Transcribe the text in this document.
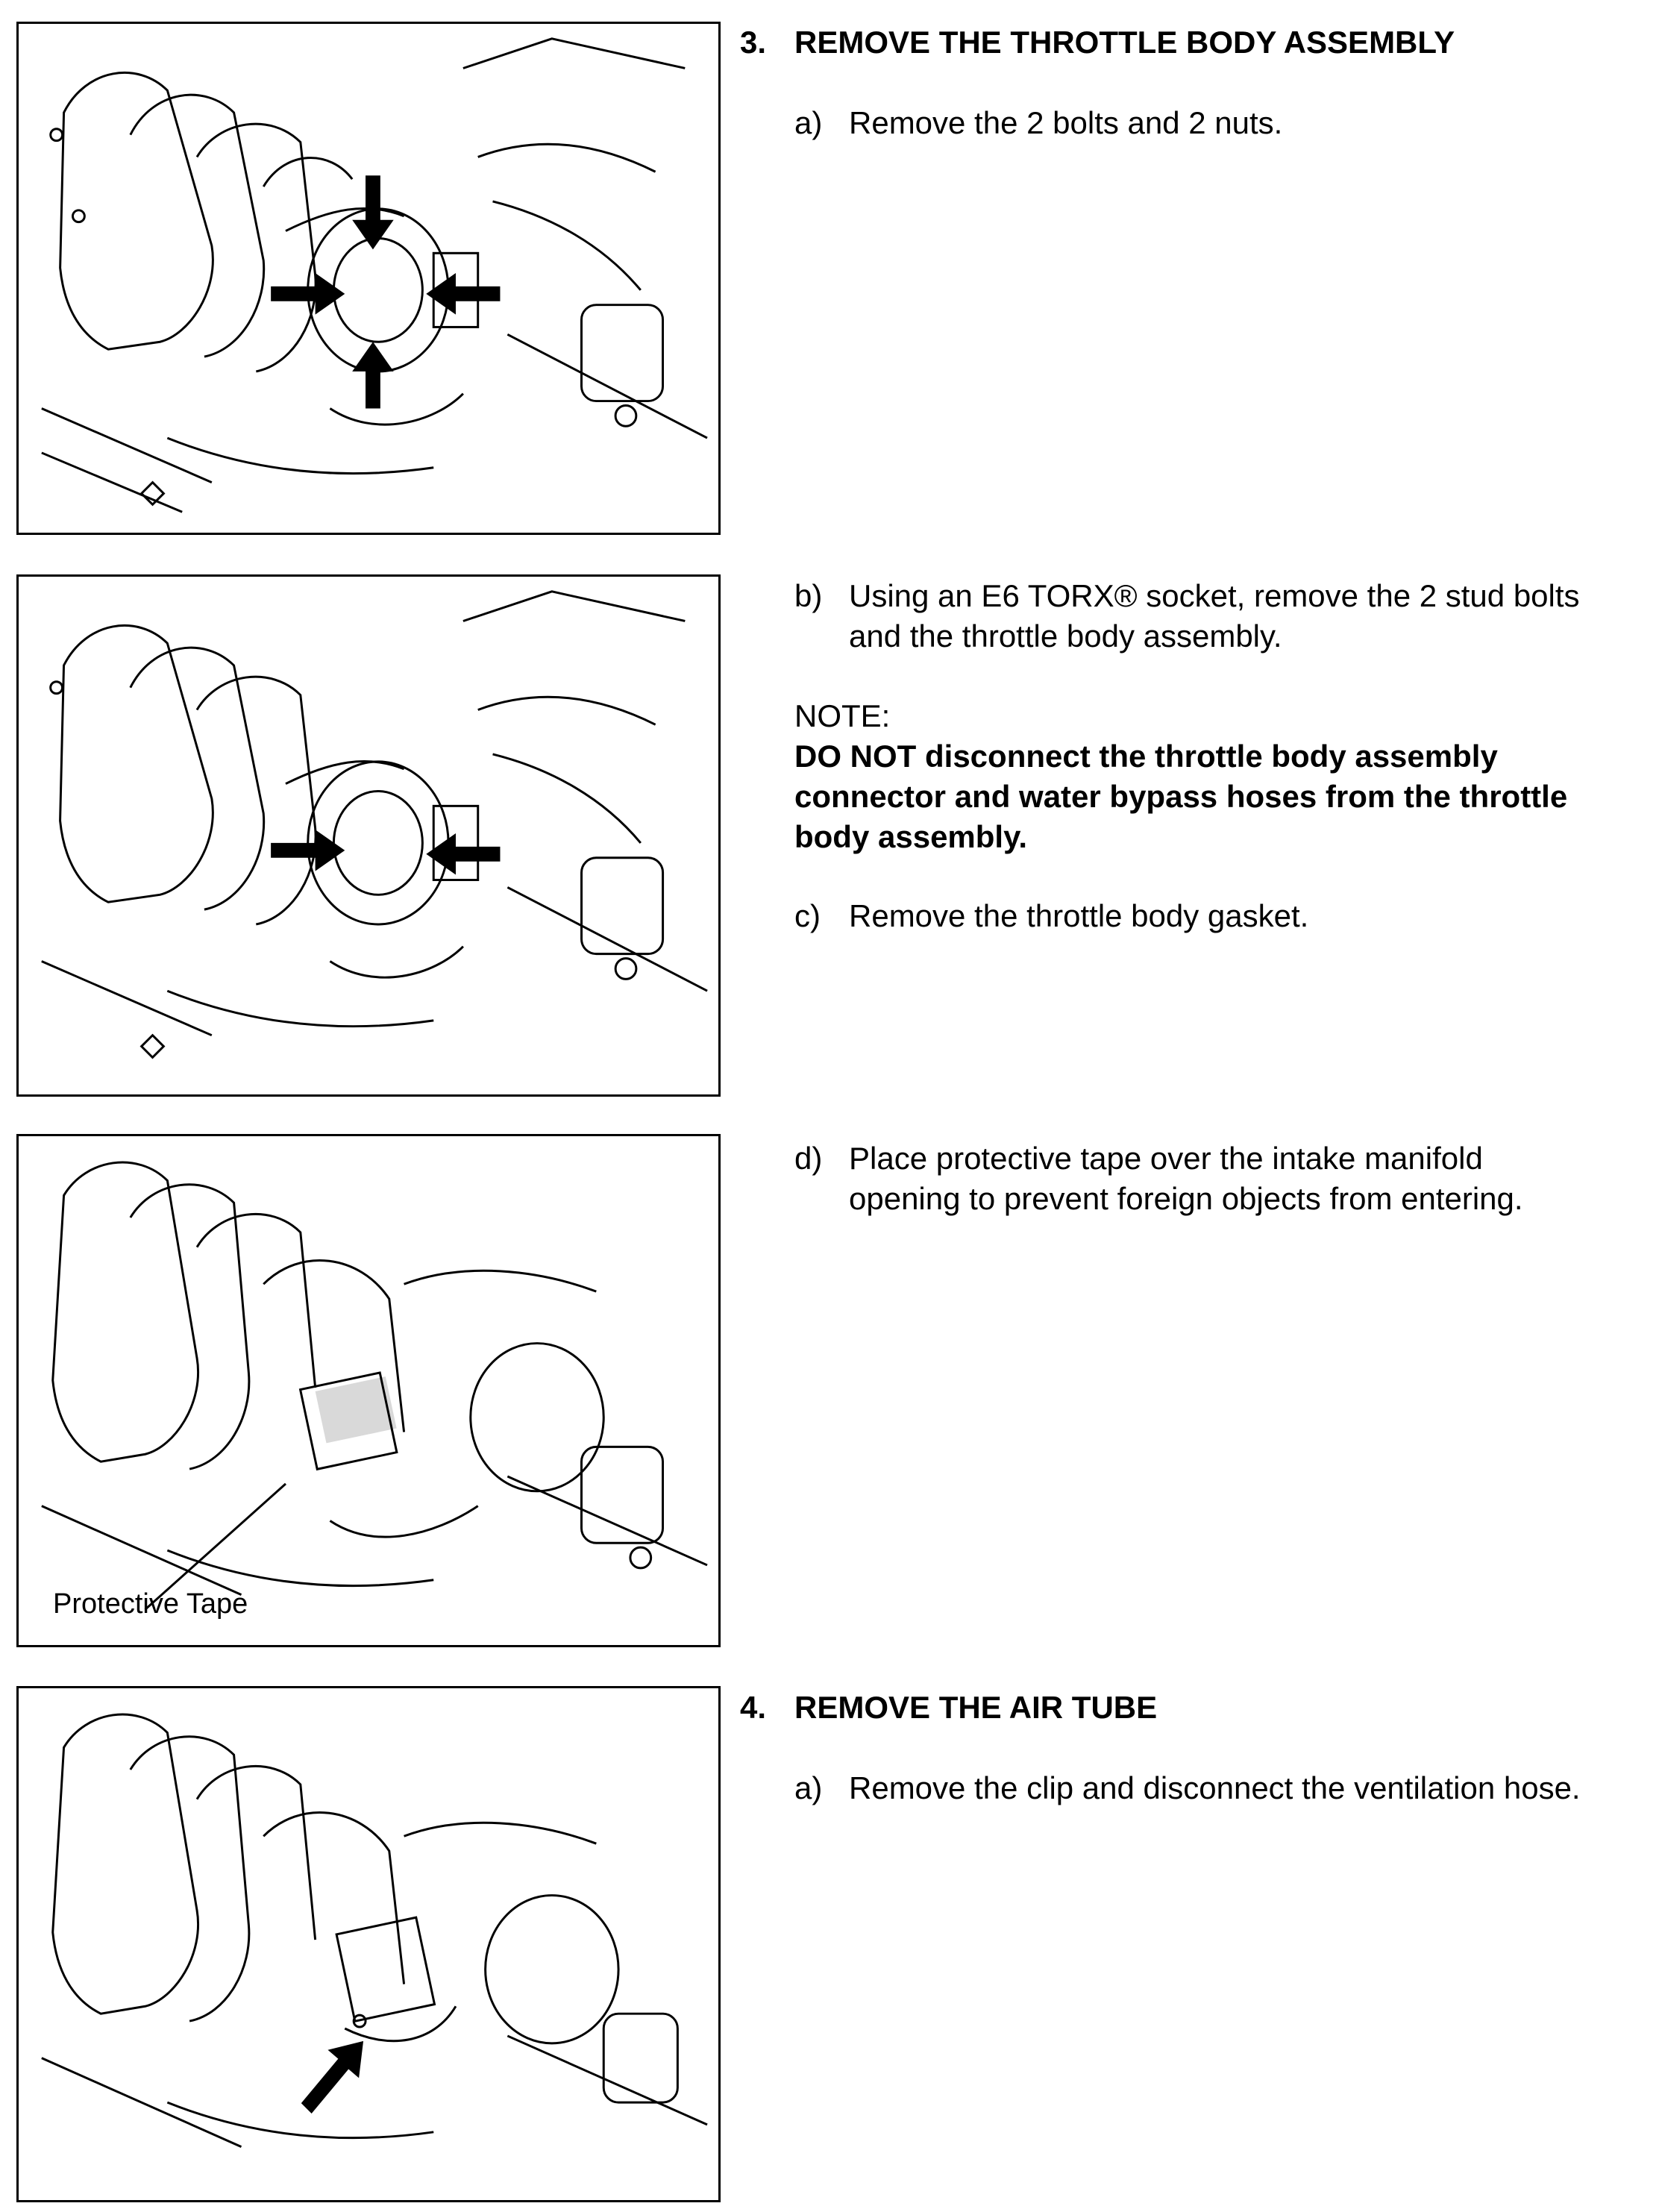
Protective Tape
3. REMOVE THE THROTTLE BODY ASSEMBLY
a) Remove the 2 bolts and 2 nuts.
b) Using an E6 TORX® socket, remove the 2 stud bolts
and the throttle body assembly.
NOTE:
DO NOT disconnect the throttle body assembly
connector and water bypass hoses from the throttle
body assembly.
c) Remove the throttle body gasket.
d) Place protective tape over the intake manifold
opening to prevent foreign objects from entering.
4. REMOVE THE AIR TUBE
a) Remove the clip and disconnect the ventilation hose.
